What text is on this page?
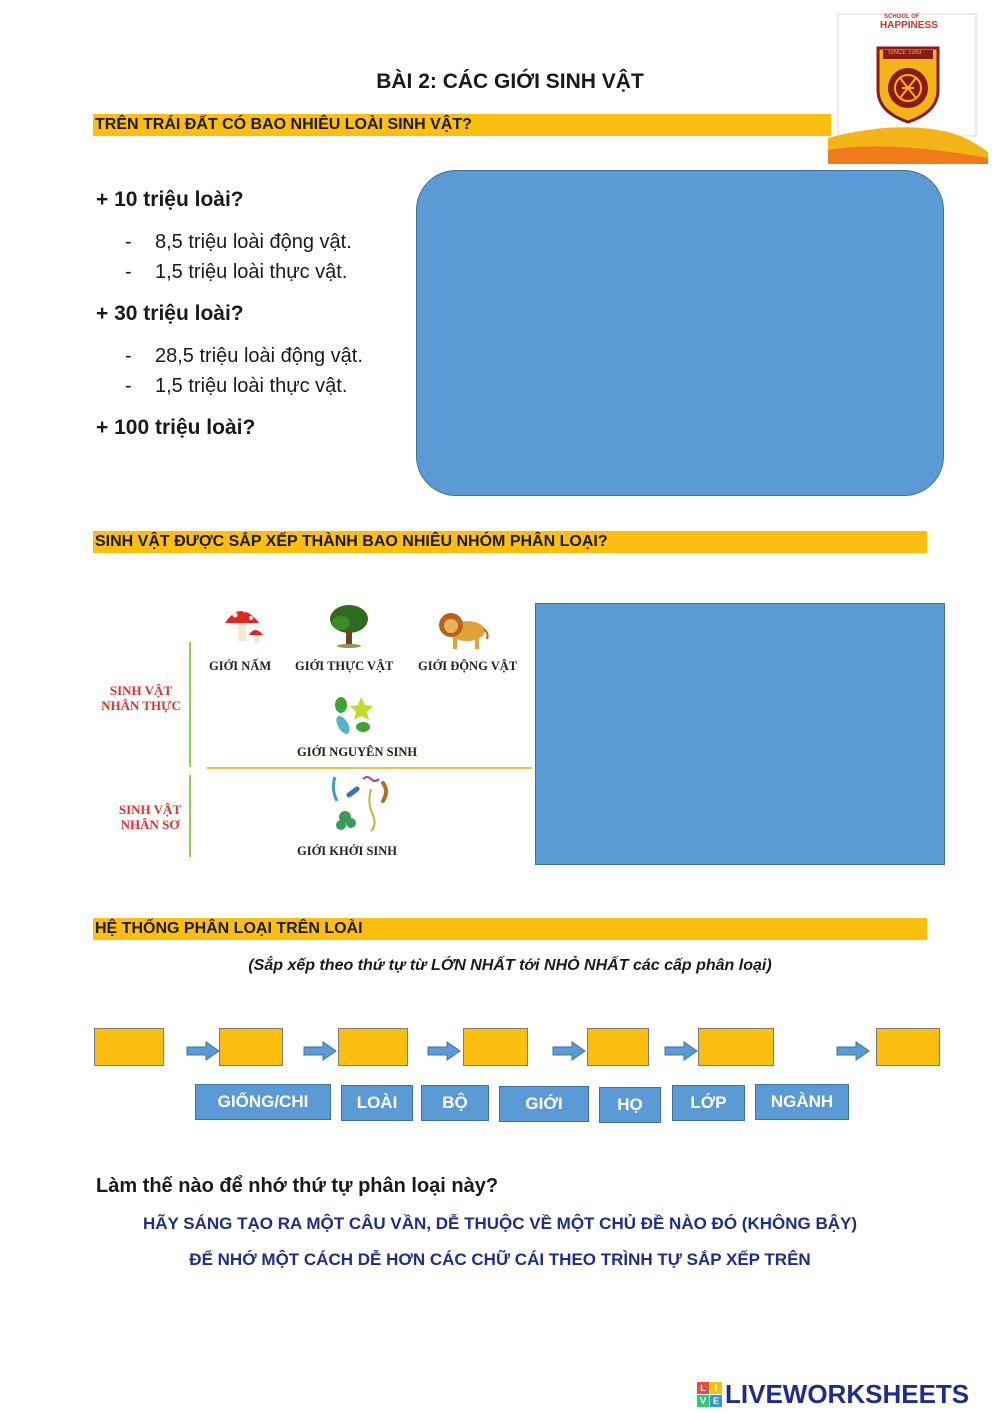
SCHOOL OF
HAPPINESS
SINCE 1993
BÀI 2: CÁC GIỚI SINH VẬT
TRÊN TRÁI ĐẤT CÓ BAO NHIÊU LOÀI SINH VẬT?
+ 10 triệu loài?
- 8,5 triệu loài động vật.
- 1,5 triệu loài thực vật.
+ 30 triệu loài?
- 28,5 triệu loài động vật.
- 1,5 triệu loài thực vật.
+ 100 triệu loài?
SINH VẬT ĐƯỢC SẮP XẾP THÀNH BAO NHIÊU NHÓM PHÂN LOẠI?
SINH VẬT
NHÂN THỰC
SINH VẬT
NHÂN SƠ
GIỚI NẤM GIỚI THỰC VẬT GIỚI ĐỘNG VẬT
GIỚI NGUYÊN SINH
GIỚI KHỞI SINH
HỆ THỐNG PHÂN LOẠI TRÊN LOÀI
(Sắp xếp theo thứ tự từ LỚN NHẤT tới NHỎ NHẤT các cấp phân loại)
GIỐNG/CHI	LOÀI	BỘ	GIỚI	HỌ	LỚP	NGÀNH
Làm thế nào để nhớ thứ tự phân loại này?
HÃY SÁNG TẠO RA MỘT CÂU VẦN, DỄ THUỘC VỀ MỘT CHỦ ĐỀ NÀO ĐÓ (KHÔNG BẬY)
ĐỂ NHỚ MỘT CÁCH DỄ HƠN CÁC CHỮ CÁI THEO TRÌNH TỰ SẮP XẾP TRÊN
L I
V E LIVEWORKSHEETS
